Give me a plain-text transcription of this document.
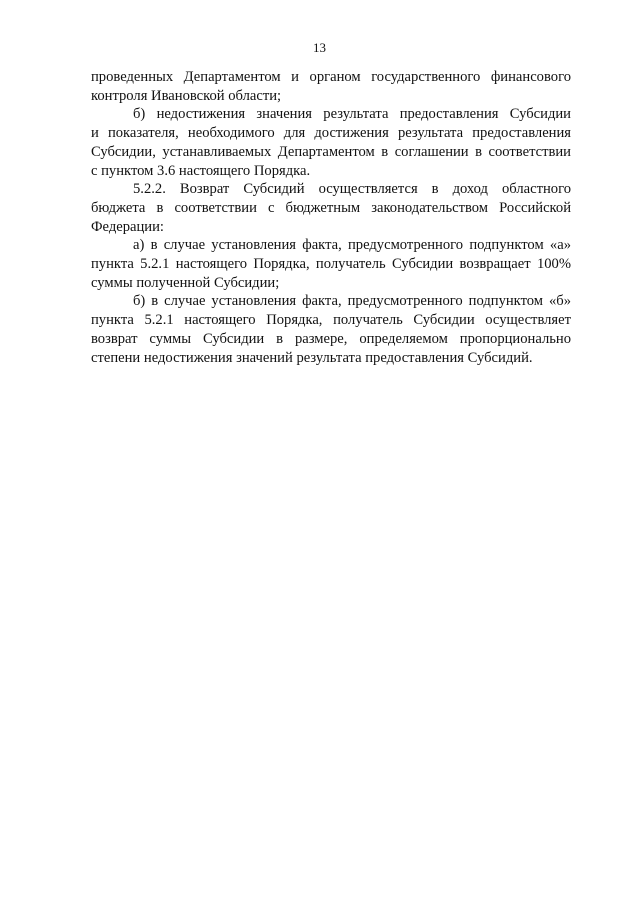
13
проведенных Департаментом и органом государственного финансового
контроля Ивановской области;
б) недостижения значения результата предоставления Субсидии
и показателя, необходимого для достижения результата предоставления
Субсидии, устанавливаемых Департаментом в соглашении в соответствии
с пунктом 3.6 настоящего Порядка.
5.2.2. Возврат Субсидий осуществляется в доход областного
бюджета в соответствии с бюджетным законодательством Российской
Федерации:
а) в случае установления факта, предусмотренного подпунктом «а»
пункта 5.2.1 настоящего Порядка, получатель Субсидии возвращает 100%
суммы полученной Субсидии;
б) в случае установления факта, предусмотренного подпунктом «б»
пункта 5.2.1 настоящего Порядка, получатель Субсидии осуществляет
возврат суммы Субсидии в размере, определяемом пропорционально
степени недостижения значений результата предоставления Субсидий.
